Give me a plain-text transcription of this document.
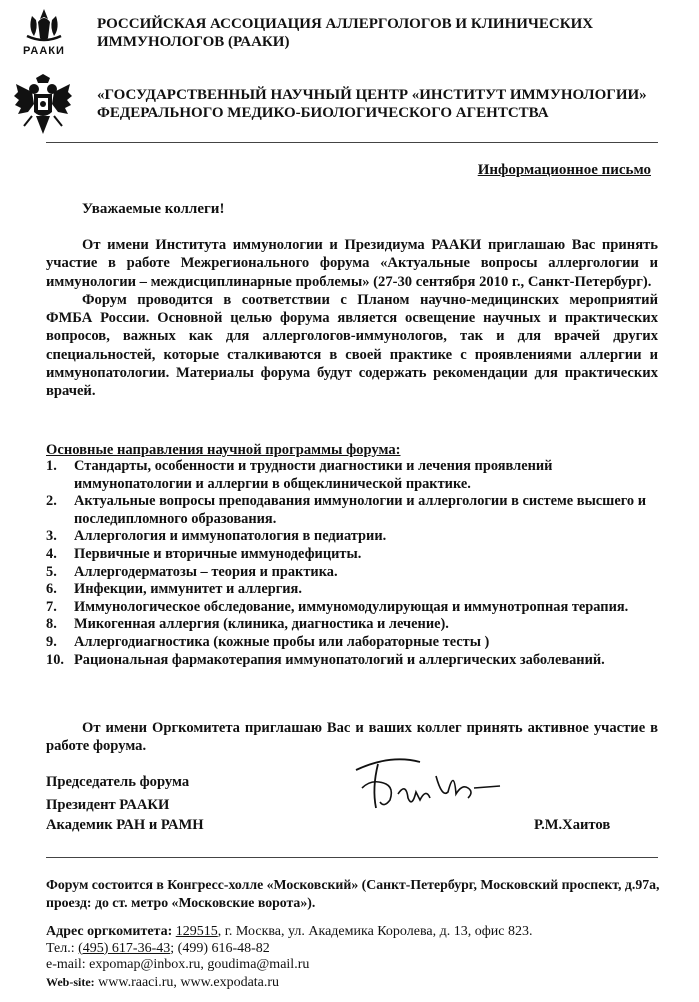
РААКИ
РОССИЙСКАЯ АССОЦИАЦИЯ АЛЛЕРГОЛОГОВ И КЛИНИЧЕСКИХ ИММУНОЛОГОВ (РААКИ)
«ГОСУДАРСТВЕННЫЙ НАУЧНЫЙ ЦЕНТР «ИНСТИТУТ ИММУНОЛОГИИ» ФЕДЕРАЛЬНОГО МЕДИКО-БИОЛОГИЧЕСКОГО АГЕНТСТВА
Информационное письмо
Уважаемые коллеги!

От имени Института иммунологии и Президиума РААКИ приглашаю Вас принять участие в работе Межрегионального форума «Актуальные вопросы аллергологии и иммунологии – междисциплинарные проблемы» (27-30 сентября 2010 г., Санкт-Петербург).

Форум проводится в соответствии с Планом научно-медицинских мероприятий ФМБА России. Основной целью форума является освещение научных и практических вопросов, важных как для аллергологов-иммунологов, так и для врачей других специальностей, которые сталкиваются в своей практике с проявлениями аллергии и иммунопатологии. Материалы форума будут содержать рекомендации для практических врачей.

Основные направления научной программы форума:
1. Стандарты, особенности и трудности диагностики и лечения проявлений иммунопатологии и аллергии в общеклинической практике.
2. Актуальные вопросы преподавания иммунологии и аллергологии в системе высшего и последипломного образования.
3. Аллергология и иммунопатология в педиатрии.
4. Первичные и вторичные иммунодефициты.
5. Аллергодерматозы – теория и практика.
6. Инфекции, иммунитет и аллергия.
7. Иммунологическое обследование, иммуномодулирующая и иммунотропная терапия.
8. Микогенная аллергия (клиника, диагностика и лечение).
9. Аллергодиагностика (кожные пробы или лабораторные тесты )
10. Рациональная фармакотерапия иммунопатологий и аллергических заболеваний.

От имени Оргкомитета приглашаю Вас и ваших коллег принять активное участие в работе форума.

Председатель форума
Президент РААКИ
Академик РАН и РАМН	Р.М.Хаитов
Форум состоится в Конгресс-холле «Московский» (Санкт-Петербург, Московский проспект, д.97а, проезд: до ст. метро «Московские ворота»).
Адрес оргкомитета: 129515, г. Москва, ул. Академика Королева, д. 13, офис 823.
Тел.: (495) 617-36-43; (499) 616-48-82
e-mail: expomap@inbox.ru, goudima@mail.ru
Web-site: www.raaci.ru, www.expodata.ru
